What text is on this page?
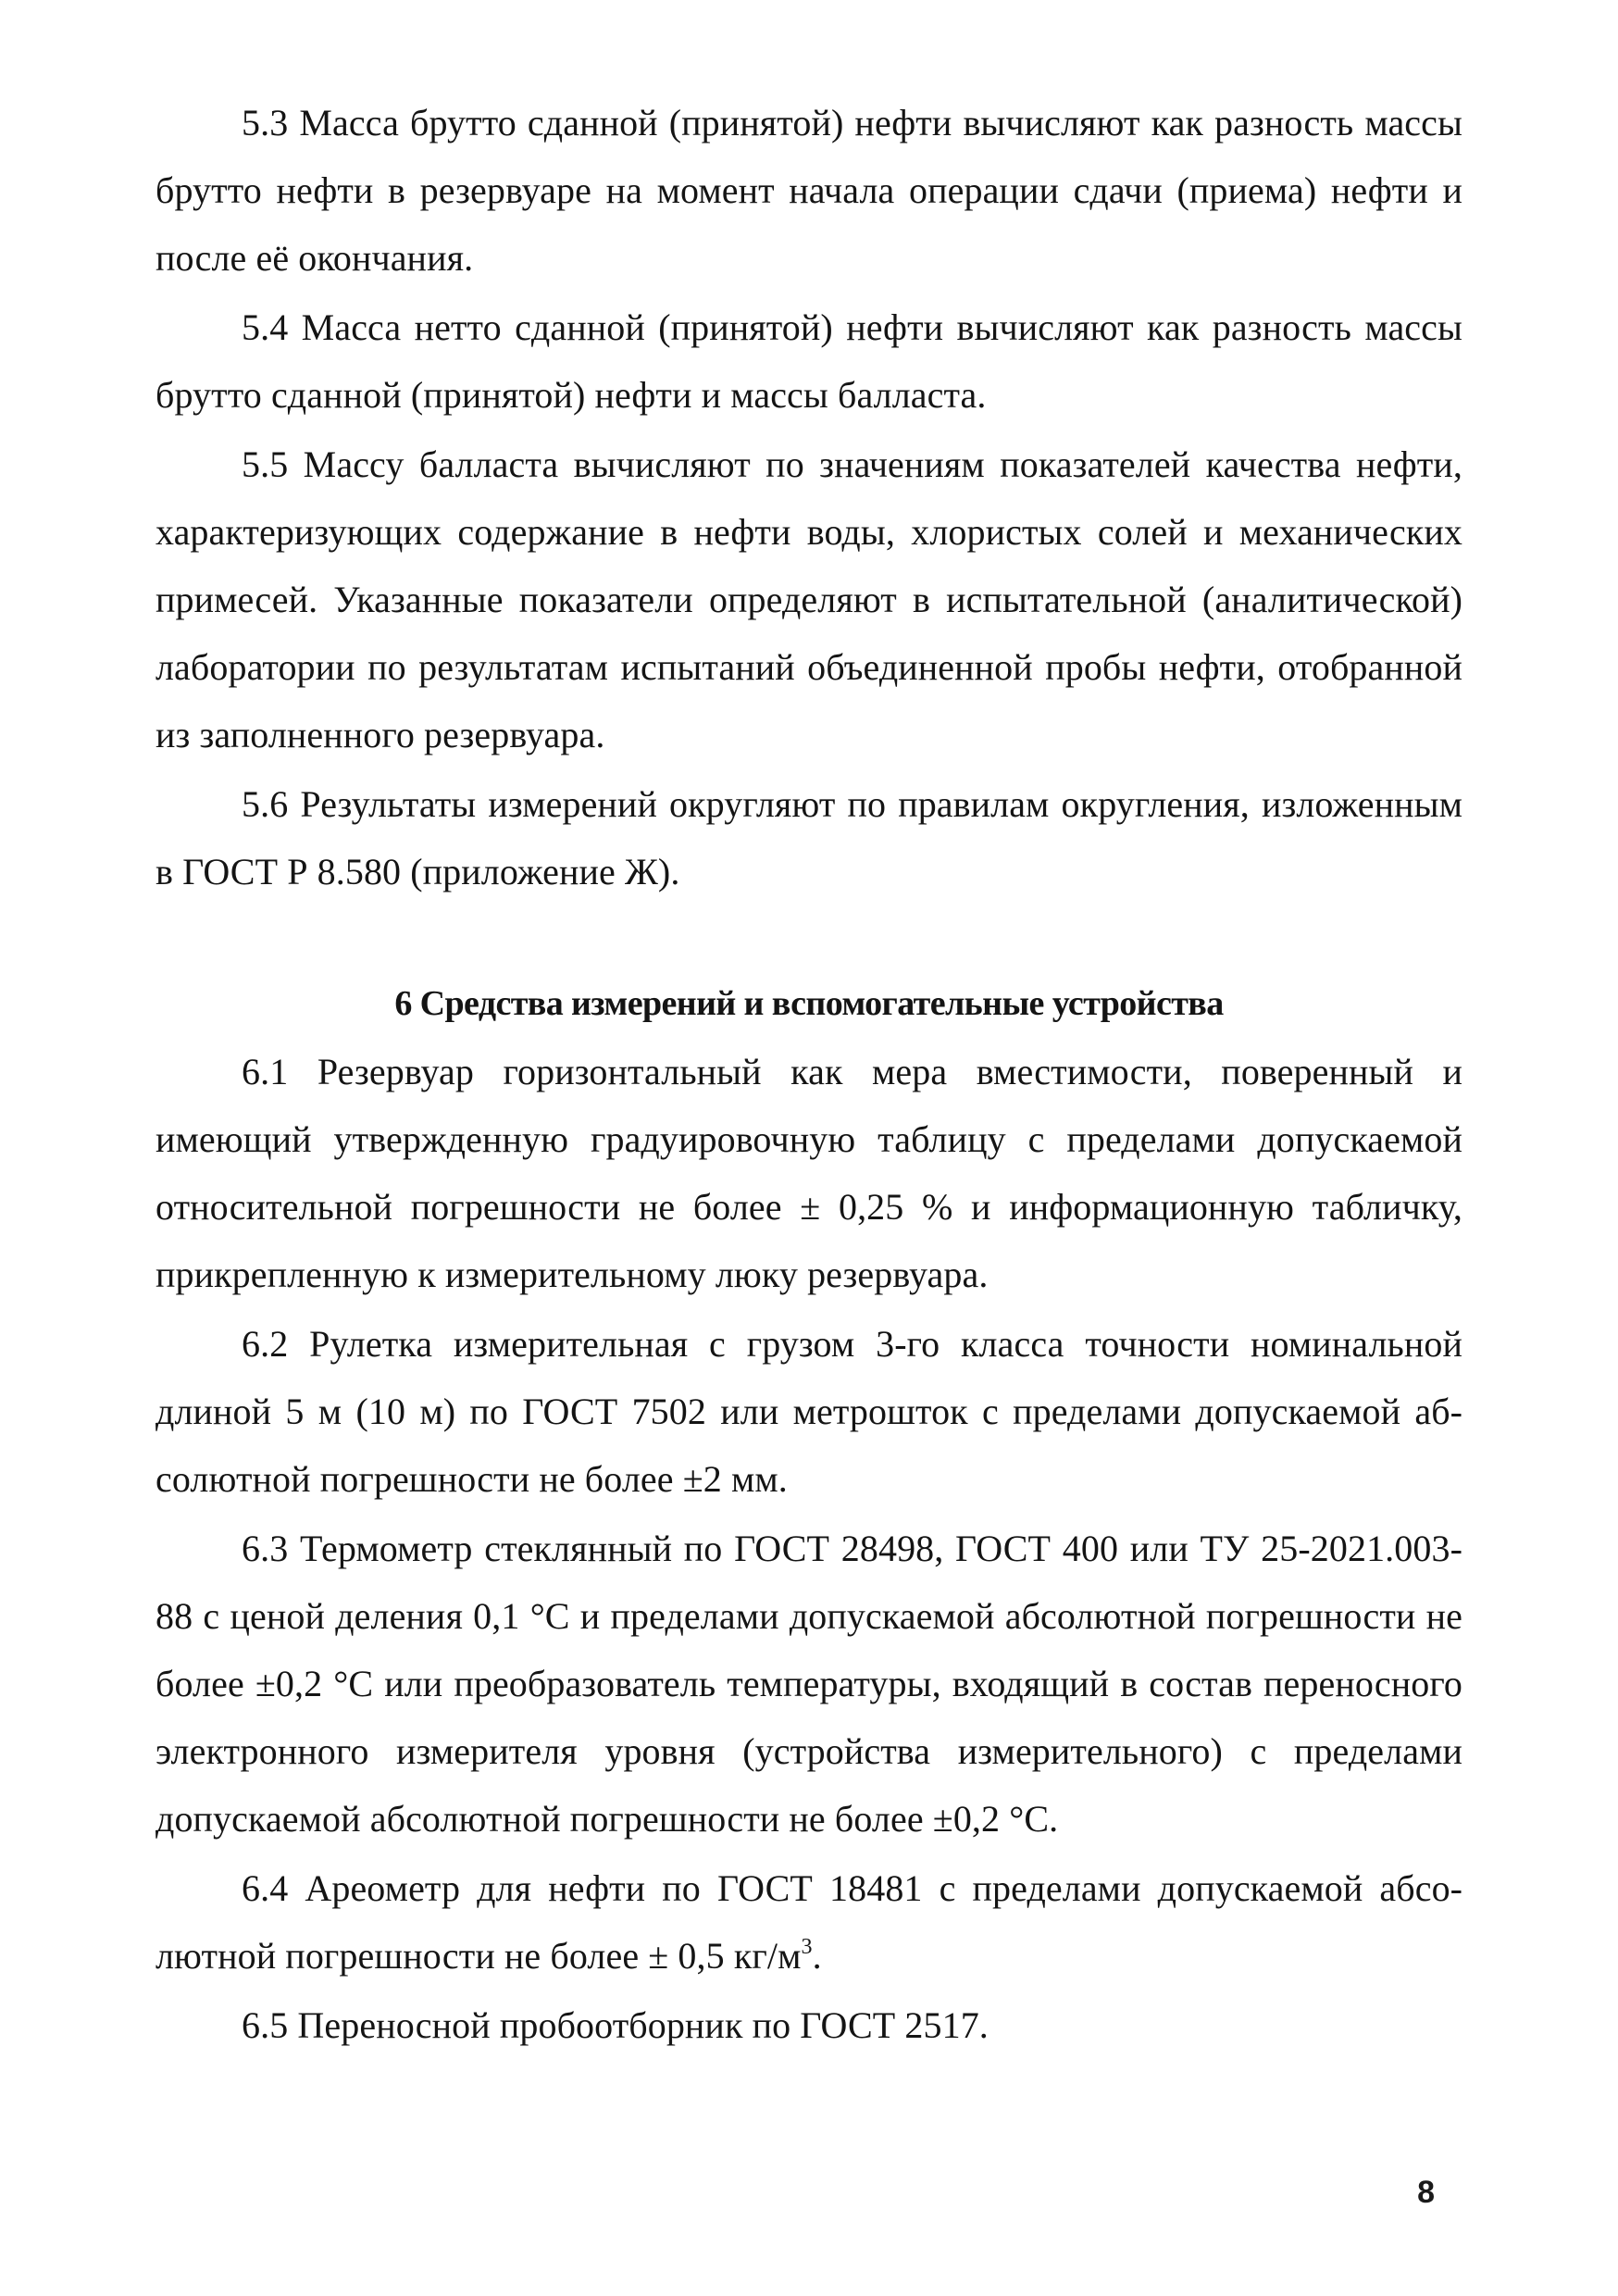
5.3 Масса брутто сданной (принятой) нефти вычисляют как разность массы брутто нефти в резервуаре на момент начала операции сдачи (приема) нефти и после её окончания.

5.4 Масса нетто сданной (принятой) нефти вычисляют как разность массы брутто сданной (принятой) нефти и массы балласта.

5.5 Массу балласта вычисляют по значениям показателей качества нефти, характеризующих содержание в нефти воды, хлористых солей и механических примесей. Указанные показатели определяют в испытательной (аналитической) лаборатории по результатам испытаний объединенной пробы нефти, отобранной из заполненного резервуара.

5.6 Результаты измерений округляют по правилам округления, изложенным в ГОСТ Р 8.580 (приложение Ж).

6 Средства измерений и вспомогательные устройства

6.1 Резервуар горизонтальный как мера вместимости, поверенный и имеющий утвержденную градуировочную таблицу с пределами допускаемой относительной погрешности не более ± 0,25 % и информационную табличку, прикрепленную к измерительному люку резервуара.

6.2 Рулетка измерительная с грузом 3-го класса точности номинальной длиной 5 м (10 м) по ГОСТ 7502 или метрошток с пределами допускаемой абсолютной погрешности не более ±2 мм.

6.3 Термометр стеклянный по ГОСТ 28498, ГОСТ 400 или ТУ 25-2021.003-88 с ценой деления 0,1 °С и пределами допускаемой абсолютной погрешности не более ±0,2 °С или преобразователь температуры, входящий в состав переносного электронного измерителя уровня (устройства измерительного) с пределами допускаемой абсолютной погрешности не более ±0,2 °С.

6.4 Ареометр для нефти по ГОСТ 18481 с пределами допускаемой абсолютной погрешности не более ± 0,5 $кг/м^3$.

6.5 Переносной пробоотборник по ГОСТ 2517.

8
